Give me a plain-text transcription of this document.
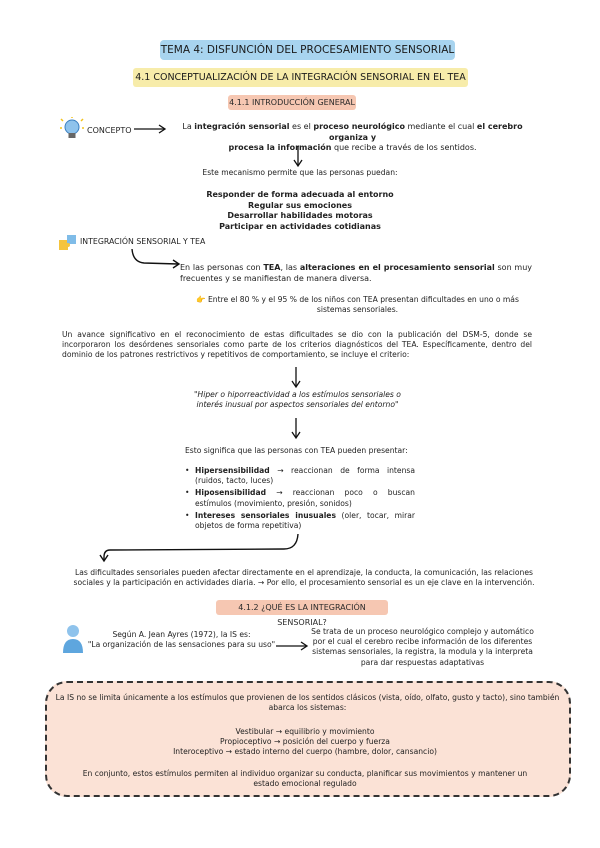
TEMA 4: DISFUNCIÓN DEL PROCESAMIENTO SENSORIAL
4.1 CONCEPTUALIZACIÓN DE LA INTEGRACIÓN SENSORIAL EN EL TEA
4.1.1 INTRODUCCIÓN GENERAL
CONCEPTO	La integración sensorial es el proceso neurológico mediante el cual el cerebro organiza y
procesa la información que recibe a través de los sentidos.
Este mecanismo permite que las personas puedan:
Responder de forma adecuada al entorno
Regular sus emociones
Desarrollar habilidades motoras
Participar en actividades cotidianas
INTEGRACIÓN SENSORIAL Y TEA
En las personas con TEA, las alteraciones en el procesamiento sensorial son muy frecuentes y se manifiestan de manera diversa.
👉 Entre el 80 % y el 95 % de los niños con TEA presentan dificultades en uno o más sistemas sensoriales.
Un avance significativo en el reconocimiento de estas dificultades se dio con la publicación del DSM-5, donde se incorporaron los desórdenes sensoriales como parte de los criterios diagnósticos del TEA. Específicamente, dentro del dominio de los patrones restrictivos y repetitivos de comportamiento, se incluye el criterio:
"Hiper o hiporreactividad a los estímulos sensoriales o interés inusual por aspectos sensoriales del entorno"
Esto significa que las personas con TEA pueden presentar:
• Hipersensibilidad → reaccionan de forma intensa (ruidos, tacto, luces)
• Hiposensibilidad → reaccionan poco o buscan estímulos (movimiento, presión, sonidos)
• Intereses sensoriales inusuales (oler, tocar, mirar objetos de forma repetitiva)
Las dificultades sensoriales pueden afectar directamente en el aprendizaje, la conducta, la comunicación, las relaciones sociales y la participación en actividades diaria. → Por ello, el procesamiento sensorial es un eje clave en la intervención.
4.1.2 ¿QUÉ ES LA INTEGRACIÓN SENSORIAL?
Según A. Jean Ayres (1972), la IS es:
"La organización de las sensaciones para su uso"
Se trata de un proceso neurológico complejo y automático por el cual el cerebro recibe información de los diferentes sistemas sensoriales, la registra, la modula y la interpreta para dar respuestas adaptativas
La IS no se limita únicamente a los estímulos que provienen de los sentidos clásicos (vista, oído, olfato, gusto y tacto), sino también abarca los sistemas:
Vestibular → equilibrio y movimiento
Propioceptivo → posición del cuerpo y fuerza
Interoceptivo → estado interno del cuerpo (hambre, dolor, cansancio)
En conjunto, estos estímulos permiten al individuo organizar su conducta, planificar sus movimientos y mantener un estado emocional regulado
